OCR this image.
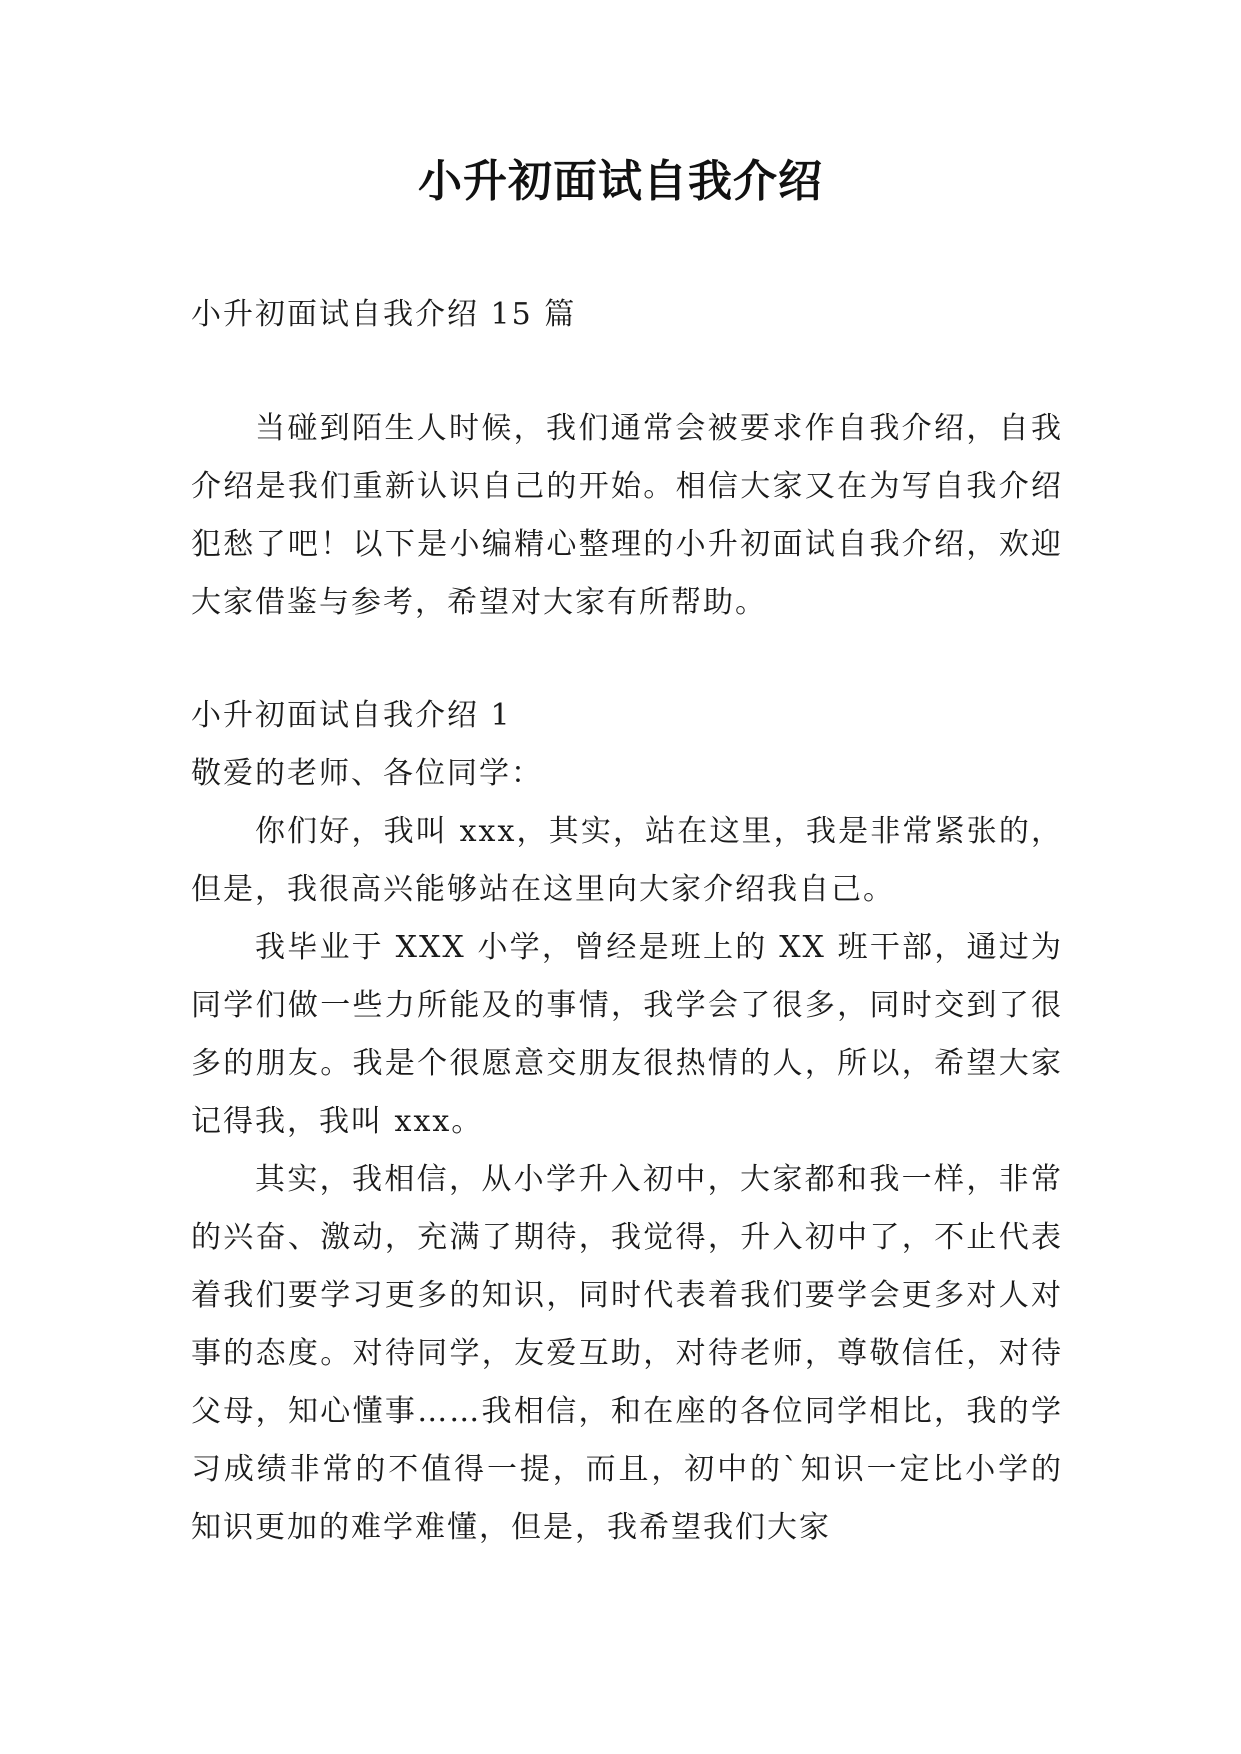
小升初面试自我介绍

小升初面试自我介绍 15 篇

当碰到陌生人时候，我们通常会被要求作自我介绍，自我介绍是我们重新认识自己的开始。相信大家又在为写自我介绍犯愁了吧！以下是小编精心整理的小升初面试自我介绍，欢迎大家借鉴与参考，希望对大家有所帮助。

小升初面试自我介绍 1

敬爱的老师、各位同学：

你们好，我叫 xxx，其实，站在这里，我是非常紧张的，但是，我很高兴能够站在这里向大家介绍我自己。

我毕业于 XXX 小学，曾经是班上的 XX 班干部，通过为同学们做一些力所能及的事情，我学会了很多，同时交到了很多的朋友。我是个很愿意交朋友很热情的人，所以，希望大家记得我，我叫 xxx。

其实，我相信，从小学升入初中，大家都和我一样，非常的兴奋、激动，充满了期待，我觉得，升入初中了，不止代表着我们要学习更多的知识，同时代表着我们要学会更多对人对事的态度。对待同学，友爱互助，对待老师，尊敬信任，对待父母，知心懂事……我相信，和在座的各位同学相比，我的学习成绩非常的不值得一提，而且，初中的`知识一定比小学的知识更加的难学难懂，但是，我希望我们大家
